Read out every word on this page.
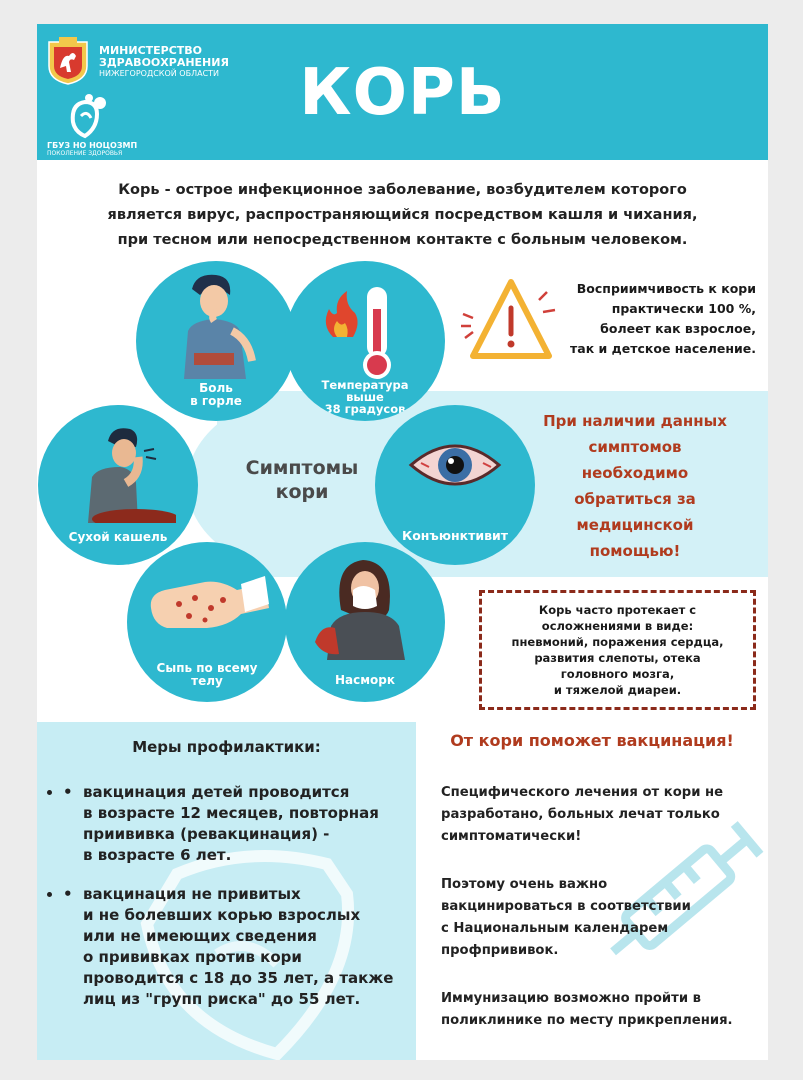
МИНИСТЕРСТВО
ЗДРАВООХРАНЕНИЯ
НИЖЕГОРОДСКОЙ ОБЛАСТИ
ГБУЗ НО НОЦОЗМП
ПОКОЛЕНИЕ ЗДОРОВЬЯ
КОРЬ
Корь - острое инфекционное заболевание, возбудителем которого
является вирус, распространяющийся посредством кашля и чихания,
при тесном или непосредственном контакте с больным человеком.
Симптомы
кори
Боль
в горле
Температура
выше
38 градусов
Сухой кашель	Конъюнктивит
Сыпь по всему
телу	Насморк
Восприимчивость к кори
практически 100 %,
болеет как взрослое,
так и детское население.
При наличии данных
симптомов
необходимо
обратиться за
медицинской
помощью!
Корь часто протекает с
осложнениями в виде:
пневмоний, поражения сердца,
развития слепоты, отека
головного мозга,
и тяжелой диареи.
Меры профилактики:
• • вакцинация детей проводится
в возрасте 12 месяцев, повторная
приививка (ревакцинация) -
в возрасте 6 лет.
• • вакцинация не привитых
и не болевших корью взрослых
или не имеющих сведения
о прививках против кори
проводится с 18 до 35 лет, а также
лиц из "групп риска" до 55 лет.
От кори поможет вакцинация!
Специфического лечения от кори не
разработано, больных лечат только
симптоматически!
Поэтому очень важно
вакцинироваться в соответствии
с Национальным календарем
профпрививок.
Иммунизацию возможно пройти в
поликлинике по месту прикрепления.
